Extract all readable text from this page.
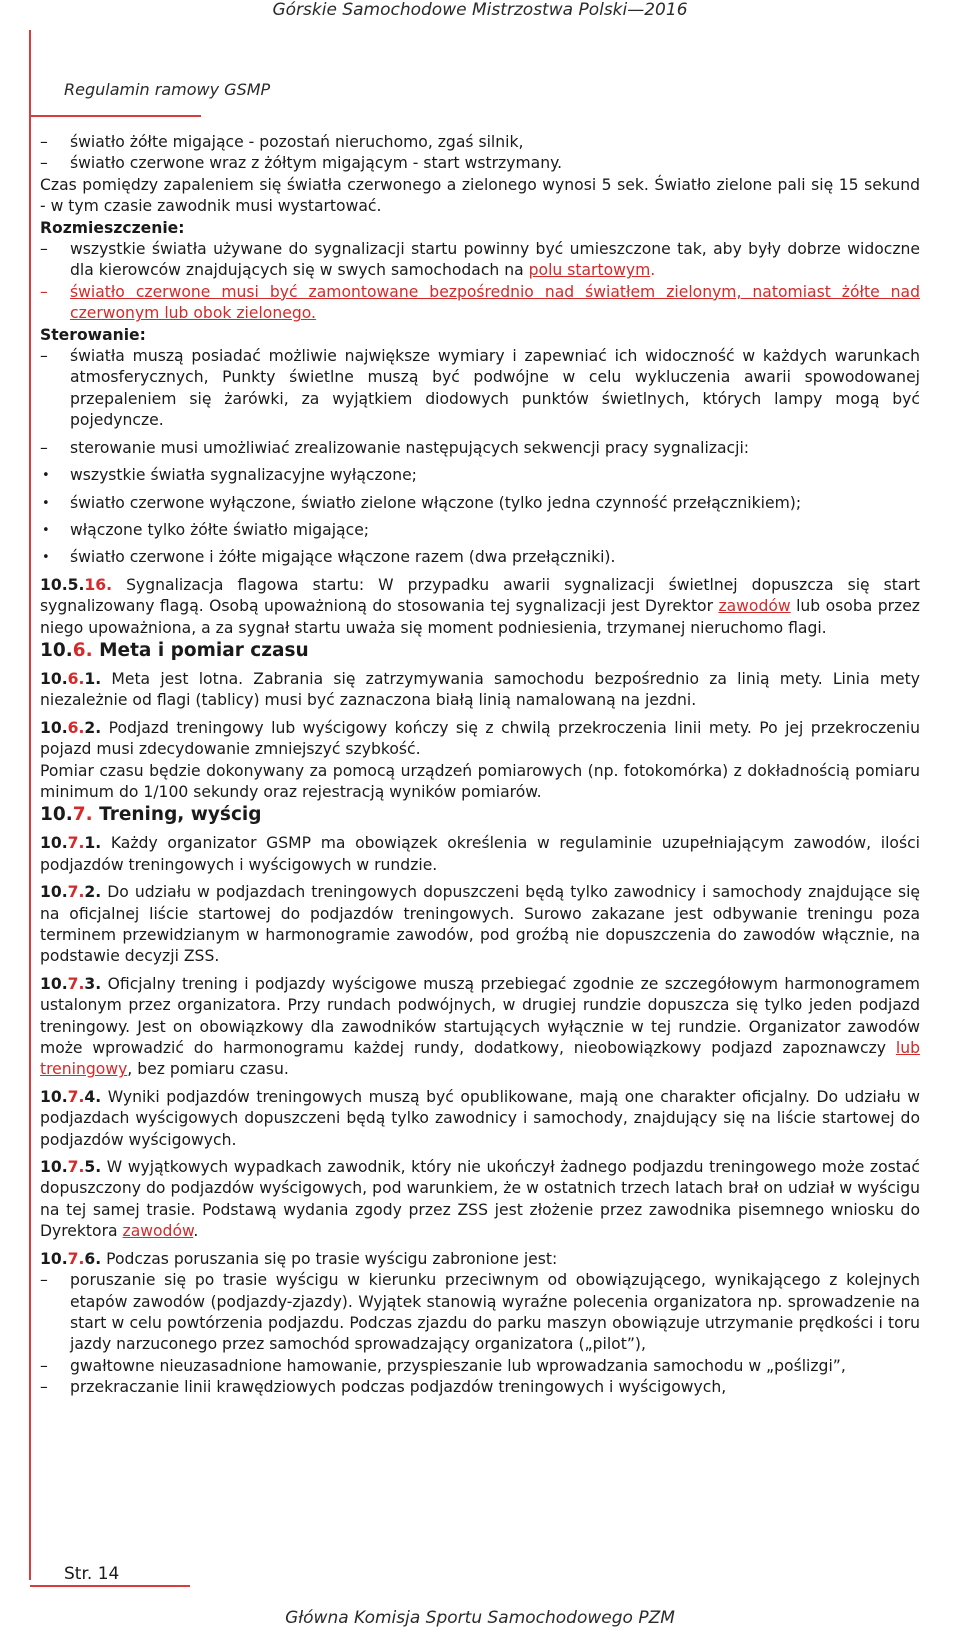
Górskie Samochodowe Mistrzostwa Polski—2016
Regulamin ramowy GSMP
– światło żółte migające - pozostań nieruchomo, zgaś silnik,
– światło czerwone wraz z żółtym migającym - start wstrzymany.

Czas pomiędzy zapaleniem się światła czerwonego a zielonego wynosi 5 sek. Światło zielone pali się 15 sekund - w tym czasie zawodnik musi wystartować.

Rozmieszczenie:

– wszystkie światła używane do sygnalizacji startu powinny być umieszczone tak, aby były dobrze widoczne dla kierowców znajdujących się w swych samochodach na polu startowym.
– światło czerwone musi być zamontowane bezpośrednio nad światłem zielonym, natomiast żółte nad czerwonym lub obok zielonego.

Sterowanie:

– światła muszą posiadać możliwie największe wymiary i zapewniać ich widoczność w każdych warunkach atmosferycznych, Punkty świetlne muszą być podwójne w celu wykluczenia awarii spowodowanej przepaleniem się żarówki, za wyjątkiem diodowych punktów świetlnych, których lampy mogą być pojedyncze.
– sterowanie musi umożliwiać zrealizowanie następujących sekwencji pracy sygnalizacji:
• wszystkie światła sygnalizacyjne wyłączone;
• światło czerwone wyłączone, światło zielone włączone (tylko jedna czynność przełącznikiem);
• włączone tylko żółte światło migające;
• światło czerwone i żółte migające włączone razem (dwa przełączniki).

10.5.16. Sygnalizacja flagowa startu: W przypadku awarii sygnalizacji świetlnej dopuszcza się start sygnalizowany flagą. Osobą upoważnioną do stosowania tej sygnalizacji jest Dyrektor zawodów lub osoba przez niego upoważniona, a za sygnał startu uważa się moment podniesienia, trzymanej nieruchomo flagi.

10.6. Meta i pomiar czasu

10.6.1. Meta jest lotna. Zabrania się zatrzymywania samochodu bezpośrednio za linią mety. Linia mety niezależnie od flagi (tablicy) musi być zaznaczona białą linią namalowaną na jezdni.

10.6.2. Podjazd treningowy lub wyścigowy kończy się z chwilą przekroczenia linii mety. Po jej przekroczeniu pojazd musi zdecydowanie zmniejszyć szybkość.

Pomiar czasu będzie dokonywany za pomocą urządzeń pomiarowych (np. fotokomórka) z dokładnością pomiaru minimum do 1/100 sekundy oraz rejestracją wyników pomiarów.

10.7. Trening, wyścig

10.7.1. Każdy organizator GSMP ma obowiązek określenia w regulaminie uzupełniającym zawodów, ilości podjazdów treningowych i wyścigowych w rundzie.

10.7.2. Do udziału w podjazdach treningowych dopuszczeni będą tylko zawodnicy i samochody znajdujące się na oficjalnej liście startowej do podjazdów treningowych. Surowo zakazane jest odbywanie treningu poza terminem przewidzianym w harmonogramie zawodów, pod groźbą nie dopuszczenia do zawodów włącznie, na podstawie decyzji ZSS.

10.7.3. Oficjalny trening i podjazdy wyścigowe muszą przebiegać zgodnie ze szczegółowym harmonogramem ustalonym przez organizatora. Przy rundach podwójnych, w drugiej rundzie dopuszcza się tylko jeden podjazd treningowy. Jest on obowiązkowy dla zawodników startujących wyłącznie w tej rundzie. Organizator zawodów może wprowadzić do harmonogramu każdej rundy, dodatkowy, nieobowiązkowy podjazd zapoznawczy lub treningowy, bez pomiaru czasu.

10.7.4. Wyniki podjazdów treningowych muszą być opublikowane, mają one charakter oficjalny. Do udziału w podjazdach wyścigowych dopuszczeni będą tylko zawodnicy i samochody, znajdujący się na liście startowej do podjazdów wyścigowych.

10.7.5. W wyjątkowych wypadkach zawodnik, który nie ukończył żadnego podjazdu treningowego może zostać dopuszczony do podjazdów wyścigowych, pod warunkiem, że w ostatnich trzech latach brał on udział w wyścigu na tej samej trasie. Podstawą wydania zgody przez ZSS jest złożenie przez zawodnika pisemnego wniosku do Dyrektora zawodów.

10.7.6. Podczas poruszania się po trasie wyścigu zabronione jest:

– poruszanie się po trasie wyścigu w kierunku przeciwnym od obowiązującego, wynikającego z kolejnych etapów zawodów (podjazdy-zjazdy). Wyjątek stanowią wyraźne polecenia organizatora np. sprowadzenie na start w celu powtórzenia podjazdu. Podczas zjazdu do parku maszyn obowiązuje utrzymanie prędkości i toru jazdy narzuconego przez samochód sprowadzający organizatora („pilot”),
– gwałtowne nieuzasadnione hamowanie, przyspieszanie lub wprowadzania samochodu w „poślizgi”,
– przekraczanie linii krawędziowych podczas podjazdów treningowych i wyścigowych,
Str. 14
Główna Komisja Sportu Samochodowego PZM
